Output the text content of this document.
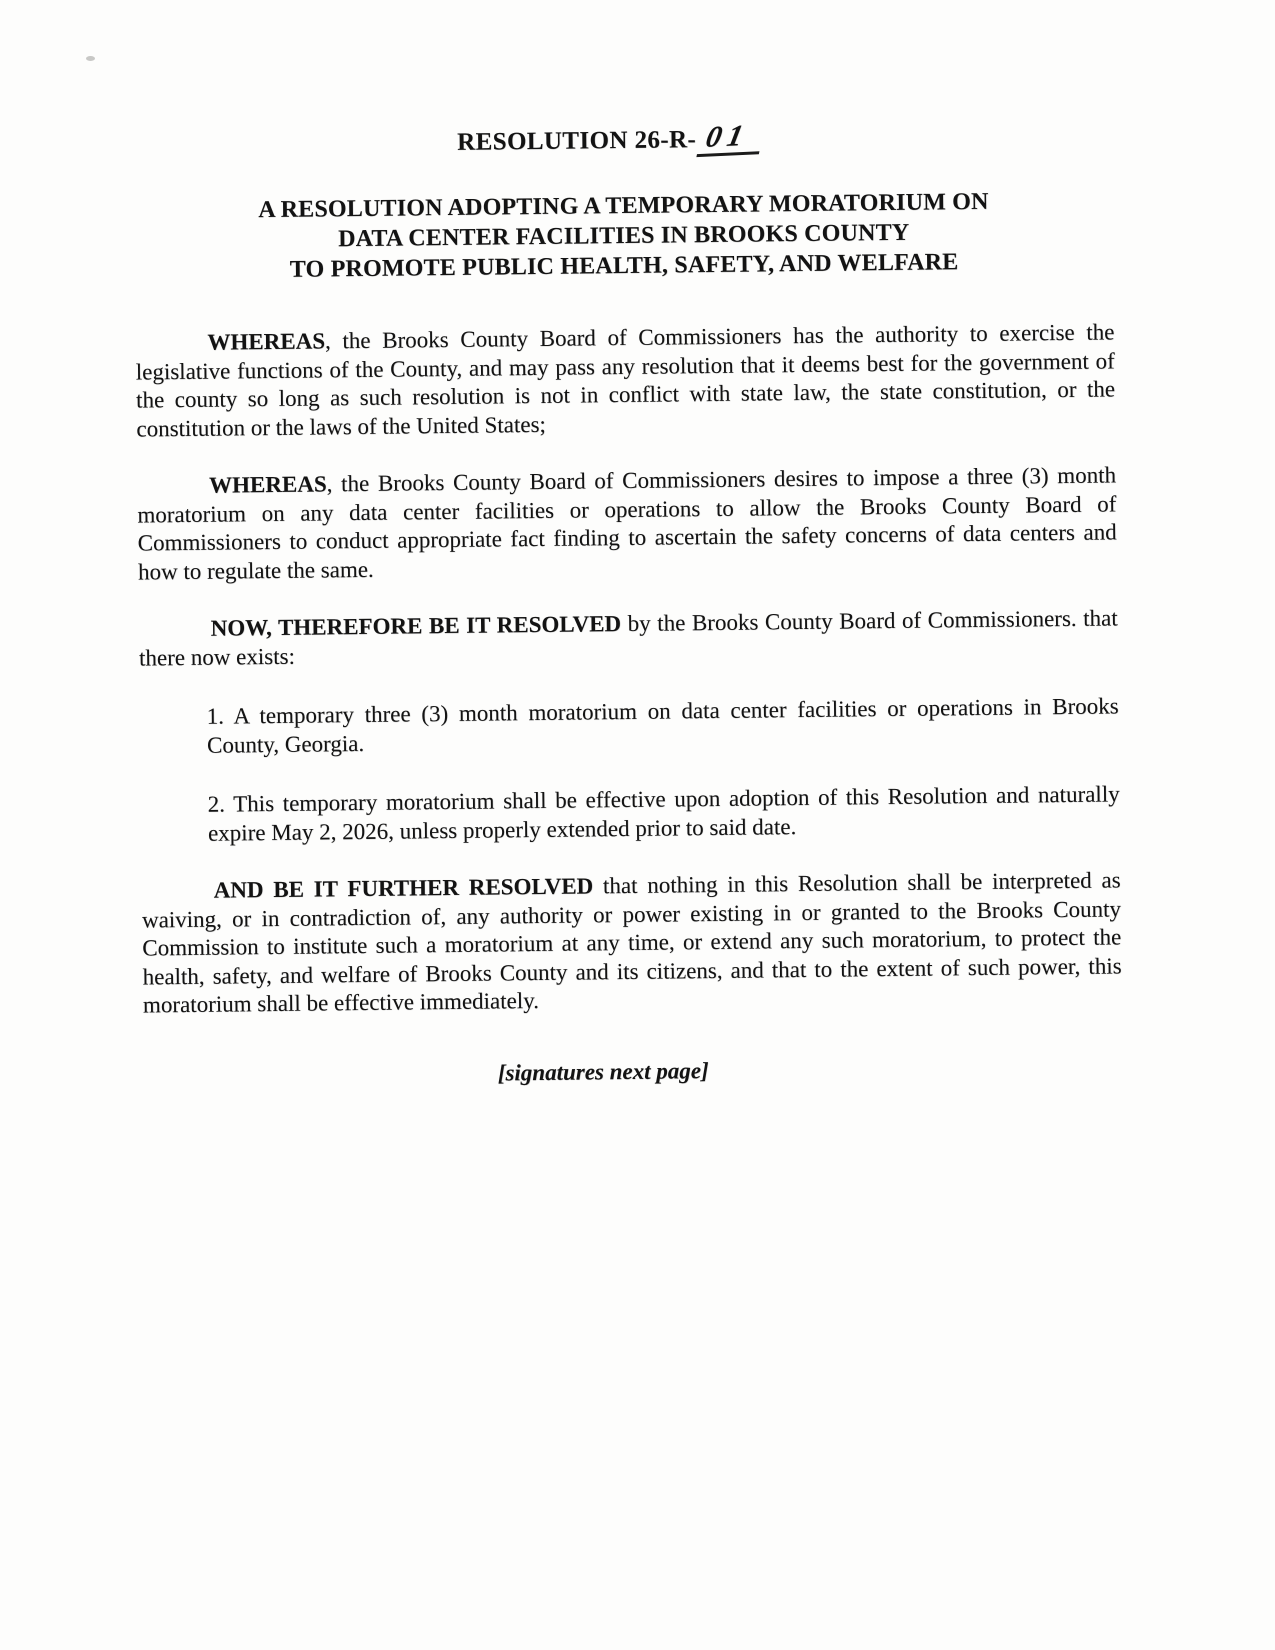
RESOLUTION 26-R- 01
A RESOLUTION ADOPTING A TEMPORARY MORATORIUM ON
DATA CENTER FACILITIES IN BROOKS COUNTY
TO PROMOTE PUBLIC HEALTH, SAFETY, AND WELFARE

WHEREAS, the Brooks County Board of Commissioners has the authority to exercise the legislative functions of the County, and may pass any resolution that it deems best for the government of the county so long as such resolution is not in conflict with state law, the state constitution, or the constitution or the laws of the United States;

WHEREAS, the Brooks County Board of Commissioners desires to impose a three (3) month moratorium on any data center facilities or operations to allow the Brooks County Board of Commissioners to conduct appropriate fact finding to ascertain the safety concerns of data centers and how to regulate the same.

NOW, THEREFORE BE IT RESOLVED by the Brooks County Board of Commissioners. that there now exists:

1. A temporary three (3) month moratorium on data center facilities or operations in Brooks County, Georgia.

2. This temporary moratorium shall be effective upon adoption of this Resolution and naturally expire May 2, 2026, unless properly extended prior to said date.

AND BE IT FURTHER RESOLVED that nothing in this Resolution shall be interpreted as waiving, or in contradiction of, any authority or power existing in or granted to the Brooks County Commission to institute such a moratorium at any time, or extend any such moratorium, to protect the health, safety, and welfare of Brooks County and its citizens, and that to the extent of such power, this moratorium shall be effective immediately.

[signatures next page]
